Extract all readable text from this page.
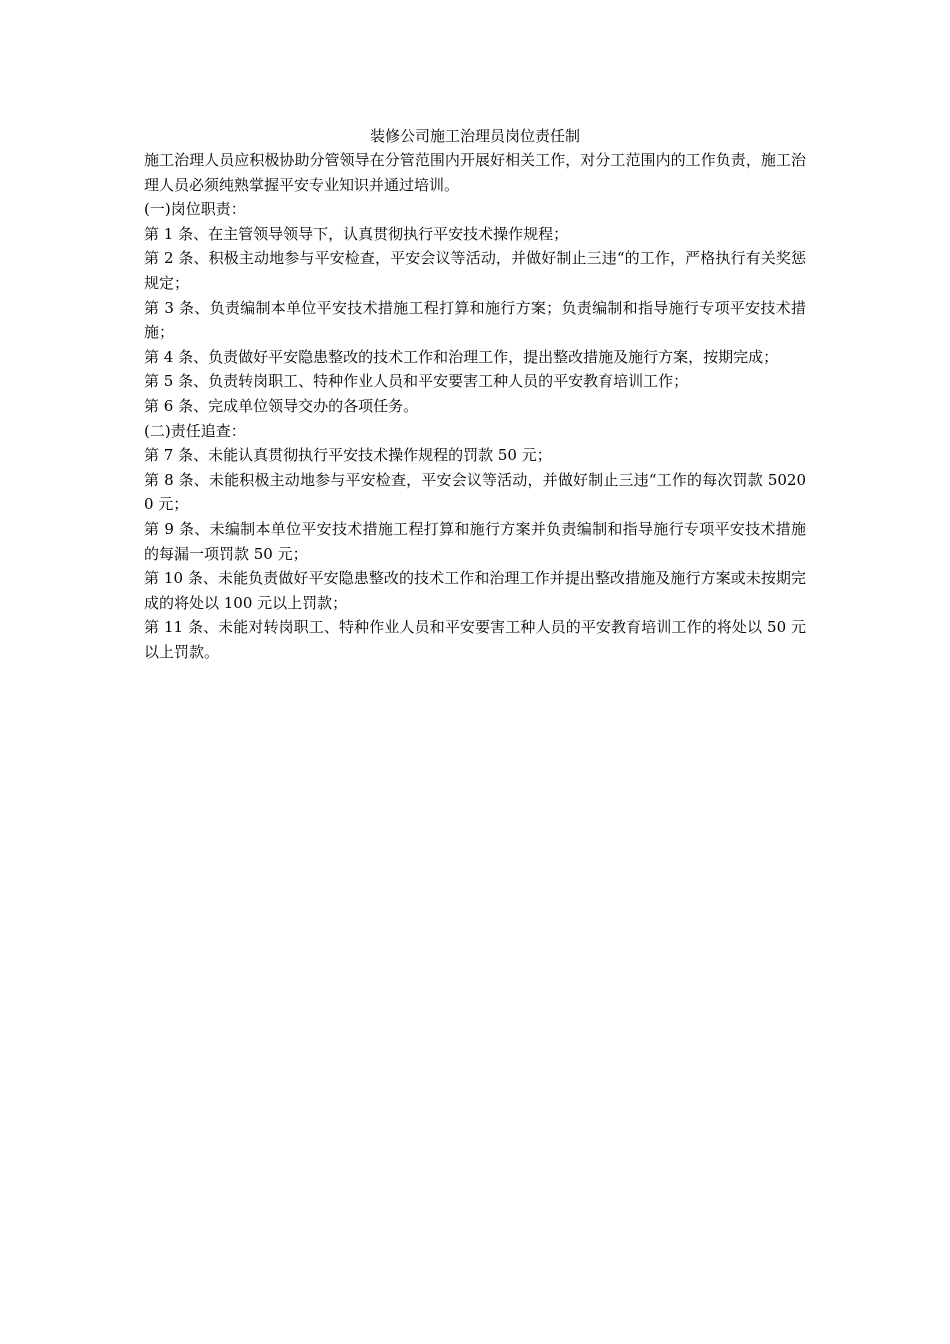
装修公司施工治理员岗位责任制

施工治理人员应积极协助分管领导在分管范围内开展好相关工作，对分工范围内的工作负责，施工治理人员必须纯熟掌握平安专业知识并通过培训。

(一)岗位职责：

第 1 条、在主管领导领导下，认真贯彻执行平安技术操作规程；

第 2 条、积极主动地参与平安检查，平安会议等活动，并做好制止三违“的工作，严格执行有关奖惩规定；

第 3 条、负责编制本单位平安技术措施工程打算和施行方案；负责编制和指导施行专项平安技术措施；

第 4 条、负责做好平安隐患整改的技术工作和治理工作，提出整改措施及施行方案，按期完成；

第 5 条、负责转岗职工、特种作业人员和平安要害工种人员的平安教育培训工作；

第 6 条、完成单位领导交办的各项任务。

(二)责任追查：

第 7 条、未能认真贯彻执行平安技术操作规程的罚款 50 元；

第 8 条、未能积极主动地参与平安检查，平安会议等活动，并做好制止三违“工作的每次罚款 50200 元；

第 9 条、未编制本单位平安技术措施工程打算和施行方案并负责编制和指导施行专项平安技术措施的每漏一项罚款 50 元；

第 10 条、未能负责做好平安隐患整改的技术工作和治理工作并提出整改措施及施行方案或未按期完成的将处以 100 元以上罚款；

第 11 条、未能对转岗职工、特种作业人员和平安要害工种人员的平安教育培训工作的将处以 50 元以上罚款。
